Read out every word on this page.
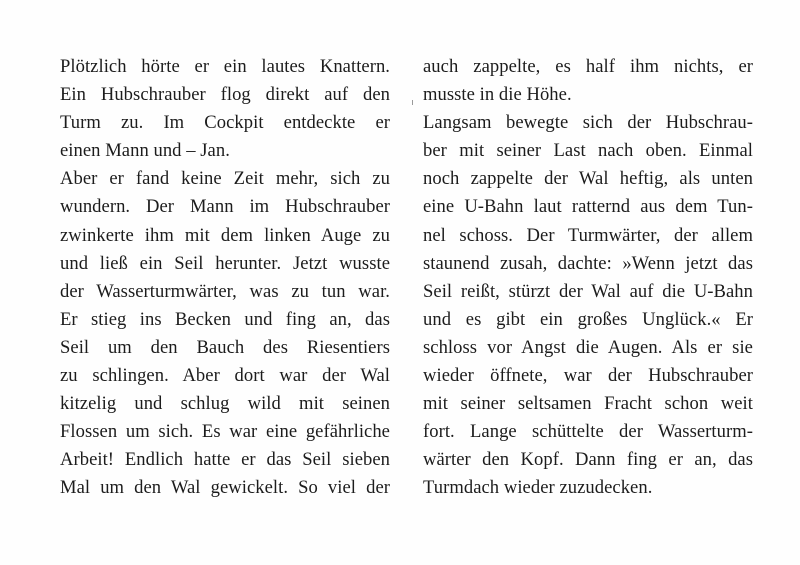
Plötzlich hörte er ein lautes Knattern.
Ein Hubschrauber flog direkt auf den
Turm zu. Im Cockpit entdeckte er
einen Mann und – Jan.
Aber er fand keine Zeit mehr, sich zu
wundern. Der Mann im Hubschrauber
zwinkerte ihm mit dem linken Auge zu
und ließ ein Seil herunter. Jetzt wusste
der Wasserturmwärter, was zu tun war.
Er stieg ins Becken und fing an, das
Seil um den Bauch des Riesentiers
zu schlingen. Aber dort war der Wal
kitzelig und schlug wild mit seinen
Flossen um sich. Es war eine gefährliche
Arbeit! Endlich hatte er das Seil sieben
Mal um den Wal gewickelt. So viel der
auch zappelte, es half ihm nichts, er
musste in die Höhe.
Langsam bewegte sich der Hubschrau-
ber mit seiner Last nach oben. Einmal
noch zappelte der Wal heftig, als unten
eine U-Bahn laut ratternd aus dem Tun-
nel schoss. Der Turmwärter, der allem
staunend zusah, dachte: »Wenn jetzt das
Seil reißt, stürzt der Wal auf die U-Bahn
und es gibt ein großes Unglück.« Er
schloss vor Angst die Augen. Als er sie
wieder öffnete, war der Hubschrauber
mit seiner seltsamen Fracht schon weit
fort. Lange schüttelte der Wasserturm-
wärter den Kopf. Dann fing er an, das
Turmdach wieder zuzudecken.
